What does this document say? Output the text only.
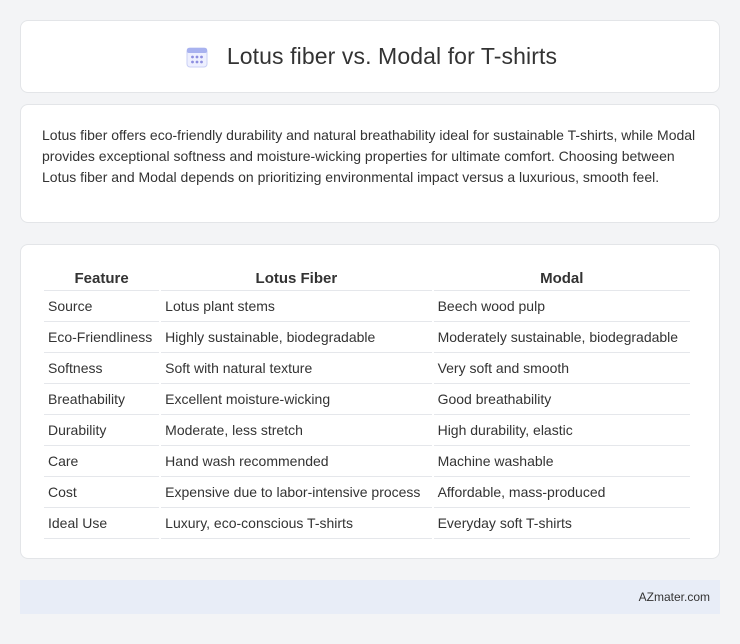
Lotus fiber vs. Modal for T-shirts

Lotus fiber offers eco-friendly durability and natural breathability ideal for sustainable T-shirts, while Modal provides exceptional softness and moisture-wicking properties for ultimate comfort. Choosing between Lotus fiber and Modal depends on prioritizing environmental impact versus a luxurious, smooth feel.

Feature	Lotus Fiber	Modal
Source	Lotus plant stems	Beech wood pulp
Eco-Friendliness	Highly sustainable, biodegradable	Moderately sustainable, biodegradable
Softness	Soft with natural texture	Very soft and smooth
Breathability	Excellent moisture-wicking	Good breathability
Durability	Moderate, less stretch	High durability, elastic
Care	Hand wash recommended	Machine washable
Cost	Expensive due to labor-intensive process	Affordable, mass-produced
Ideal Use	Luxury, eco-conscious T-shirts	Everyday soft T-shirts
AZmater.com
